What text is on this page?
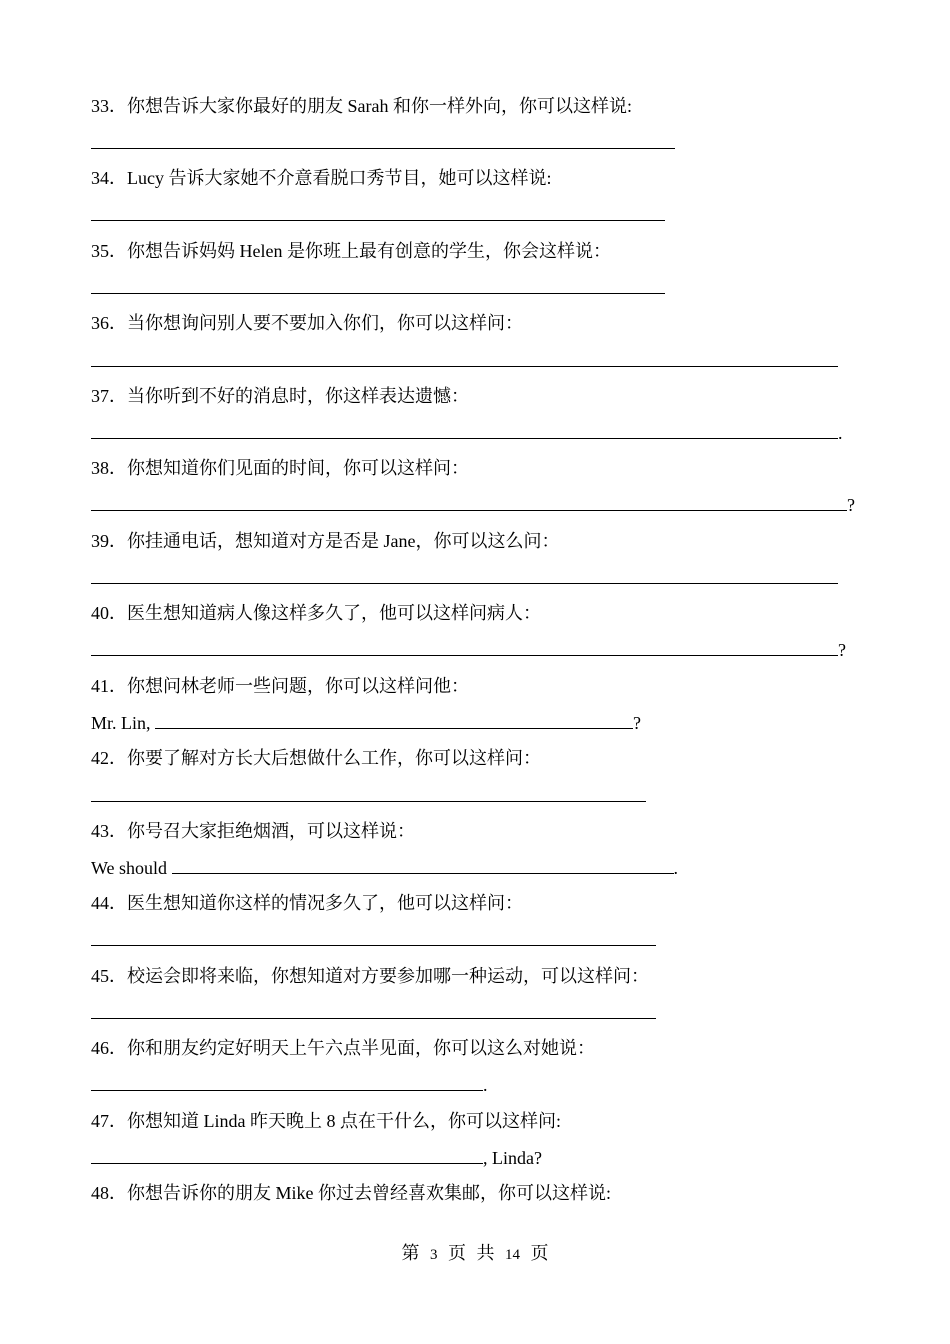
33．你想告诉大家你最好的朋友 Sarah 和你一样外向，你可以这样说:
34．Lucy 告诉大家她不介意看脱口秀节目，她可以这样说:
35．你想告诉妈妈 Helen 是你班上最有创意的学生，你会这样说：
36．当你想询问别人要不要加入你们，你可以这样问：
37．当你听到不好的消息时，你这样表达遗憾：
.
38．你想知道你们见面的时间，你可以这样问：
?
39．你挂通电话，想知道对方是否是 Jane，你可以这么问：
40．医生想知道病人像这样多久了，他可以这样问病人：
?
41．你想问林老师一些问题，你可以这样问他：
Mr. Lin,	?
42．你要了解对方长大后想做什么工作，你可以这样问：
43．你号召大家拒绝烟酒，可以这样说：
We should	.
44．医生想知道你这样的情况多久了，他可以这样问：
45．校运会即将来临，你想知道对方要参加哪一种运动，可以这样问：
46．你和朋友约定好明天上午六点半见面，你可以这么对她说：
.
47．你想知道 Linda 昨天晚上 8 点在干什么，你可以这样问:
, Linda?
48．你想告诉你的朋友 Mike 你过去曾经喜欢集邮，你可以这样说:
第 3 页 共 14 页
